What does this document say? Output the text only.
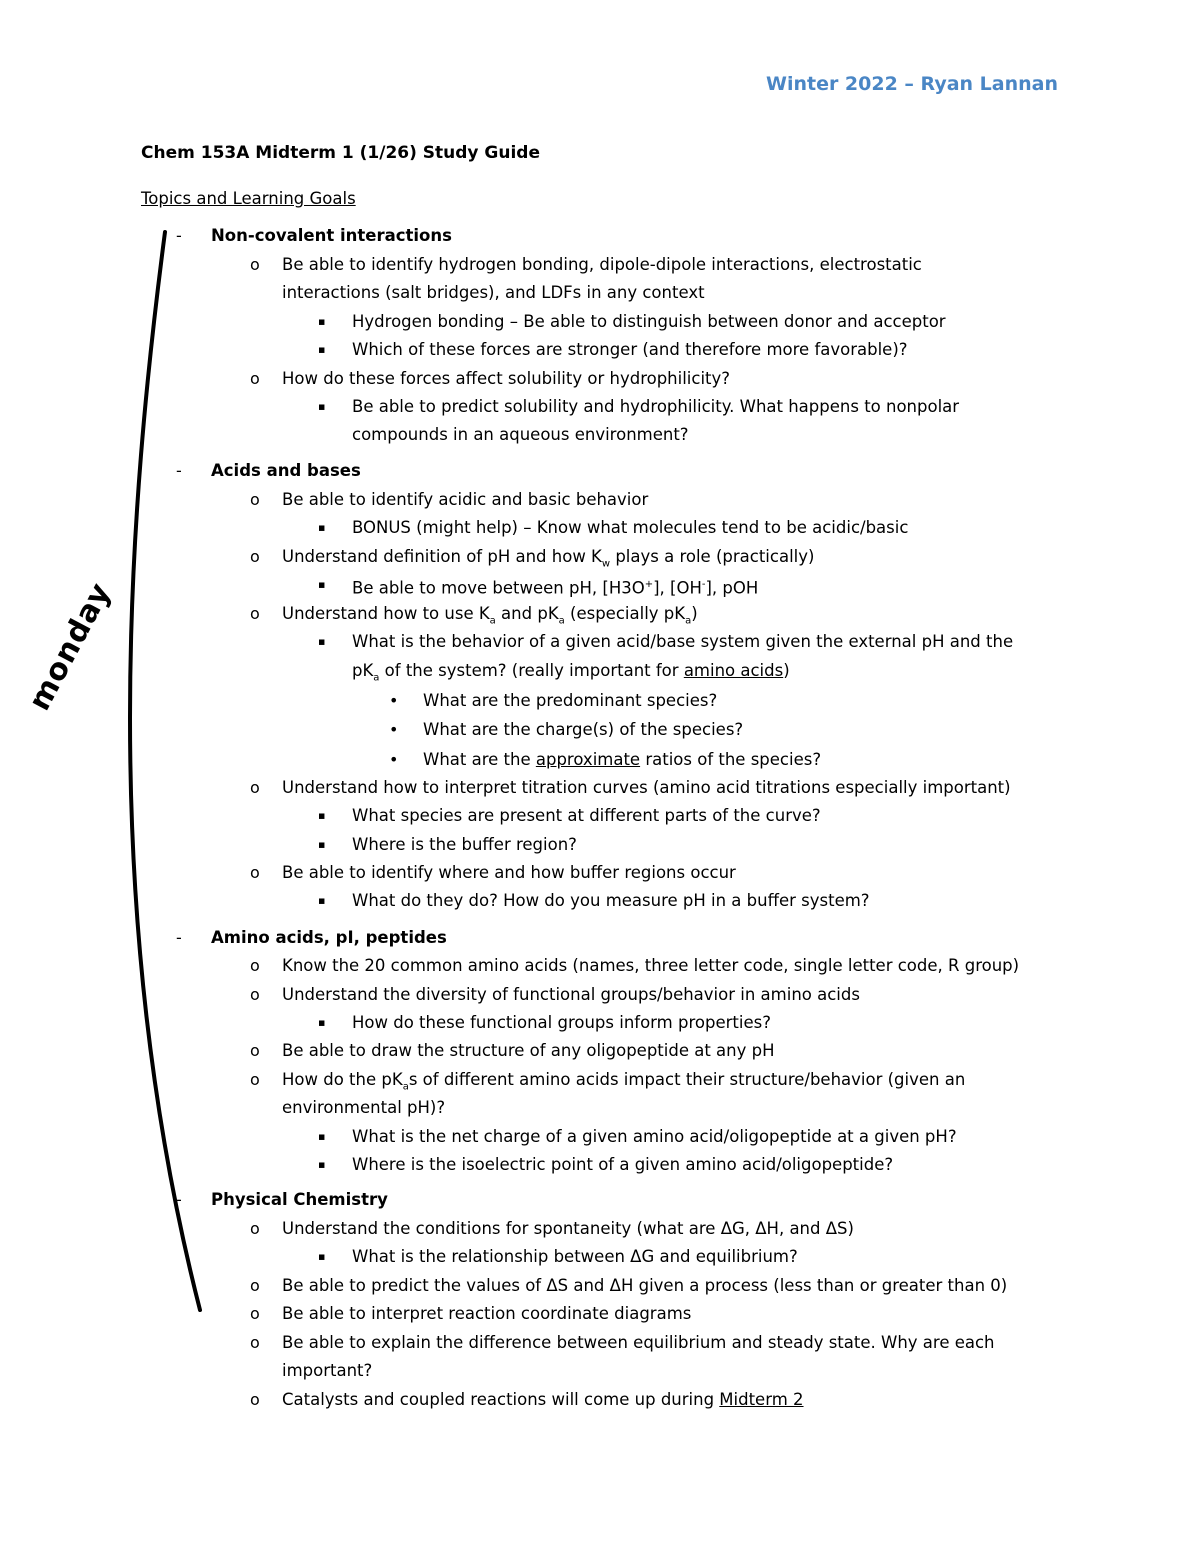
Winter 2022 – Ryan Lannan
Chem 153A Midterm 1 (1/26) Study Guide
Topics and Learning Goals
monday
- Non-covalent interactions
o Be able to identify hydrogen bonding, dipole-dipole interactions, electrostatic
interactions (salt bridges), and LDFs in any context
▪ Hydrogen bonding – Be able to distinguish between donor and acceptor
▪ Which of these forces are stronger (and therefore more favorable)?
o How do these forces affect solubility or hydrophilicity?
▪ Be able to predict solubility and hydrophilicity. What happens to nonpolar
compounds in an aqueous environment?
- Acids and bases
o Be able to identify acidic and basic behavior
▪ BONUS (might help) – Know what molecules tend to be acidic/basic
o Understand definition of pH and how $K_w$ plays a role (practically)
▪ Be able to move between pH, [H3O+], [OH-], pOH
o Understand how to use $K_a$ and $pK_a$ (especially $pK_a$)
▪ What is the behavior of a given acid/base system given the external pH and the
$pK_a$ of the system? (really important for amino acids)
• What are the predominant species?
• What are the charge(s) of the species?
• What are the approximate ratios of the species?
o Understand how to interpret titration curves (amino acid titrations especially important)
▪ What species are present at different parts of the curve?
▪ Where is the buffer region?
o Be able to identify where and how buffer regions occur
▪ What do they do? How do you measure pH in a buffer system?
- Amino acids, pI, peptides
o Know the 20 common amino acids (names, three letter code, single letter code, R group)
o Understand the diversity of functional groups/behavior in amino acids
▪ How do these functional groups inform properties?
o Be able to draw the structure of any oligopeptide at any pH
o How do the $pK_as$ of different amino acids impact their structure/behavior (given an
environmental pH)?
▪ What is the net charge of a given amino acid/oligopeptide at a given pH?
▪ Where is the isoelectric point of a given amino acid/oligopeptide?
- Physical Chemistry
o Understand the conditions for spontaneity (what are ΔG, ΔH, and ΔS)
▪ What is the relationship between ΔG and equilibrium?
o Be able to predict the values of ΔS and ΔH given a process (less than or greater than 0)
o Be able to interpret reaction coordinate diagrams
o Be able to explain the difference between equilibrium and steady state. Why are each
important?
o Catalysts and coupled reactions will come up during Midterm 2
